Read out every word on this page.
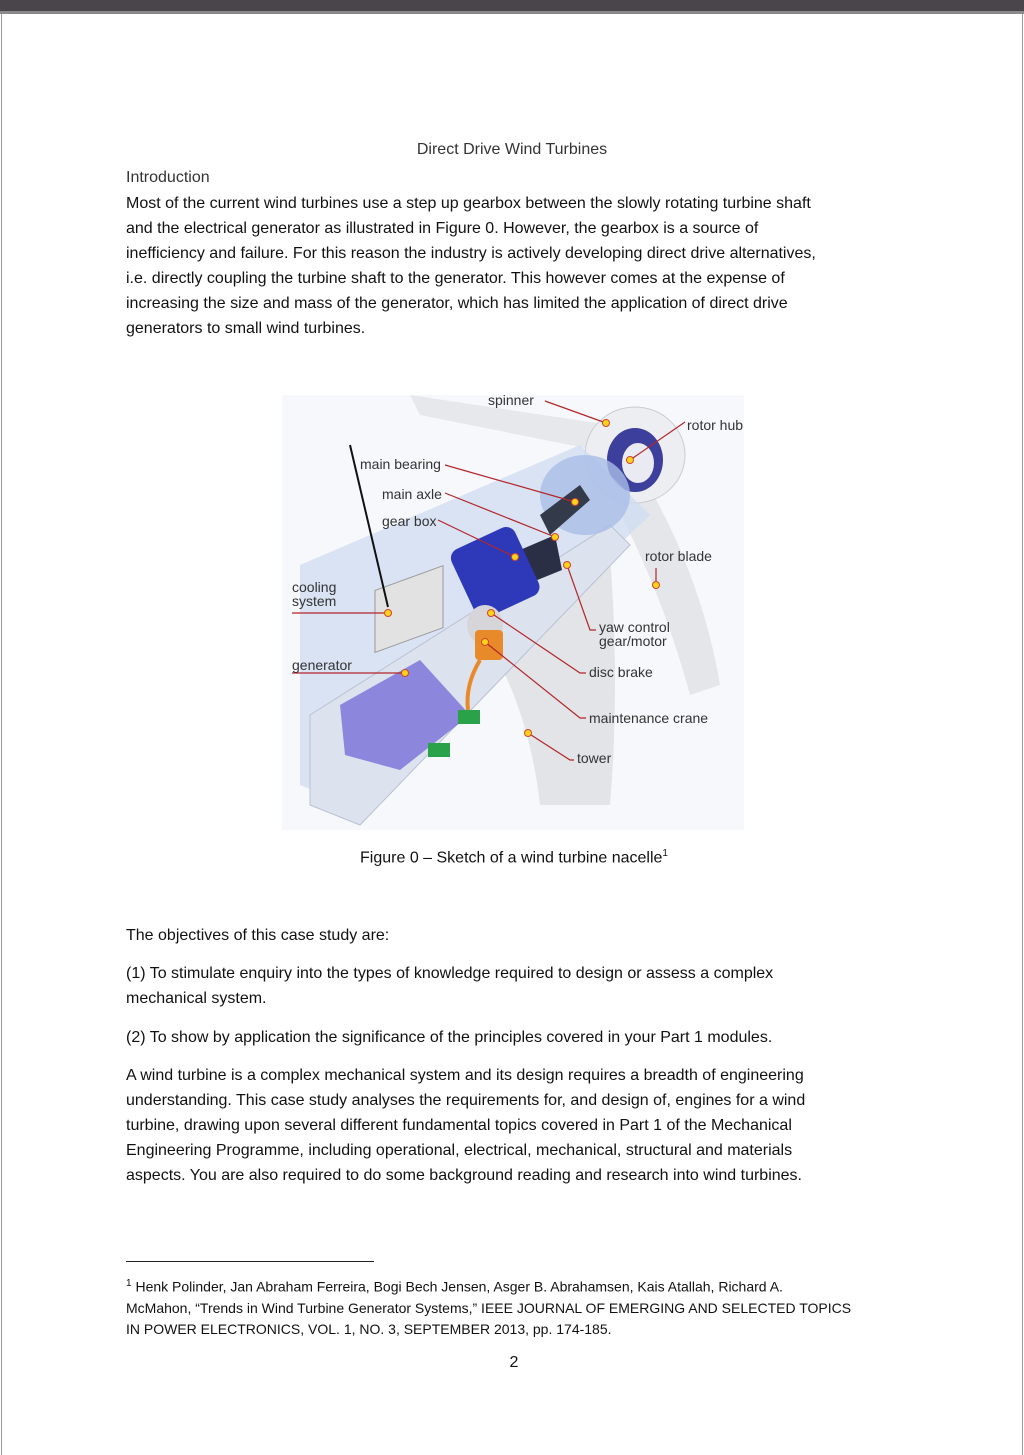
Direct Drive Wind Turbines
Introduction

Most of the current wind turbines use a step up gearbox between the slowly rotating turbine shaft

and the electrical generator as illustrated in Figure 0. However, the gearbox is a source of

inefficiency and failure. For this reason the industry is actively developing direct drive alternatives,

i.e. directly coupling the turbine shaft to the generator. This however comes at the expense of

increasing the size and mass of the generator, which has limited the application of direct drive

generators to small wind turbines.

spinner
rotor hub
main bearing
main axle
gear box
rotor blade
cooling
system
yaw control
gear/motor
generator	disc brake
maintenance crane
tower
Figure 0 – Sketch of a wind turbine nacelle$^1$

The objectives of this case study are:

(1) To stimulate enquiry into the types of knowledge required to design or assess a complex

mechanical system.

(2) To show by application the significance of the principles covered in your Part 1 modules.

A wind turbine is a complex mechanical system and its design requires a breadth of engineering

understanding. This case study analyses the requirements for, and design of, engines for a wind

turbine, drawing upon several different fundamental topics covered in Part 1 of the Mechanical

Engineering Programme, including operational, electrical, mechanical, structural and materials

aspects. You are also required to do some background reading and research into wind turbines.

$^1$ Henk Polinder, Jan Abraham Ferreira, Bogi Bech Jensen, Asger B. Abrahamsen, Kais Atallah, Richard A.

McMahon, “Trends in Wind Turbine Generator Systems,” IEEE JOURNAL OF EMERGING AND SELECTED TOPICS

IN POWER ELECTRONICS, VOL. 1, NO. 3, SEPTEMBER 2013, pp. 174-185.

2
